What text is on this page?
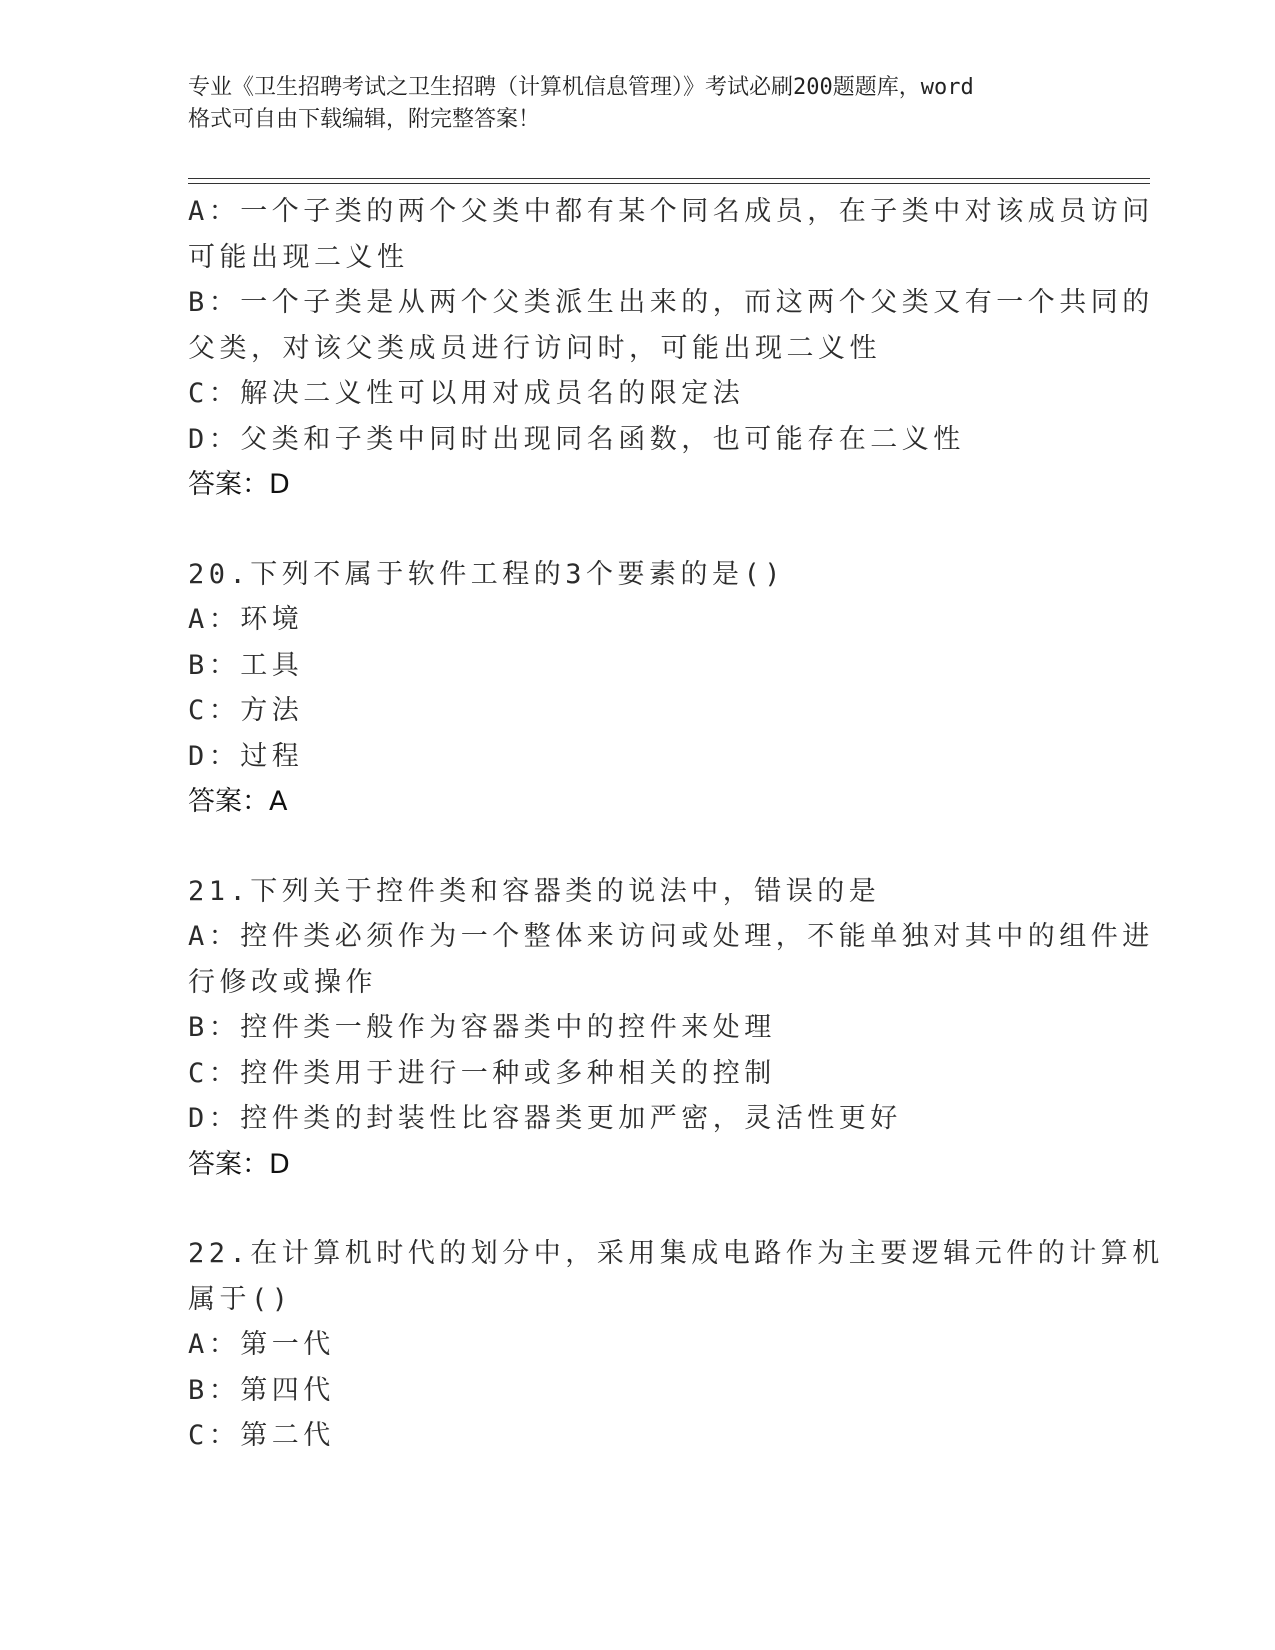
专业《卫生招聘考试之卫生招聘（计算机信息管理）》考试必刷200题题库，word
格式可自由下载编辑，附完整答案！
A：一个子类的两个父类中都有某个同名成员，在子类中对该成员访问
可能出现二义性
B：一个子类是从两个父类派生出来的，而这两个父类又有一个共同的
父类，对该父类成员进行访问时，可能出现二义性
C：解决二义性可以用对成员名的限定法
D：父类和子类中同时出现同名函数，也可能存在二义性
答案：D
20.下列不属于软件工程的3个要素的是()
A：环境
B：工具
C：方法
D：过程
答案：A
21.下列关于控件类和容器类的说法中，错误的是
A：控件类必须作为一个整体来访问或处理，不能单独对其中的组件进
行修改或操作
B：控件类一般作为容器类中的控件来处理
C：控件类用于进行一种或多种相关的控制
D：控件类的封装性比容器类更加严密，灵活性更好
答案：D
22.在计算机时代的划分中，采用集成电路作为主要逻辑元件的计算机
属于()
A：第一代
B：第四代
C：第二代
